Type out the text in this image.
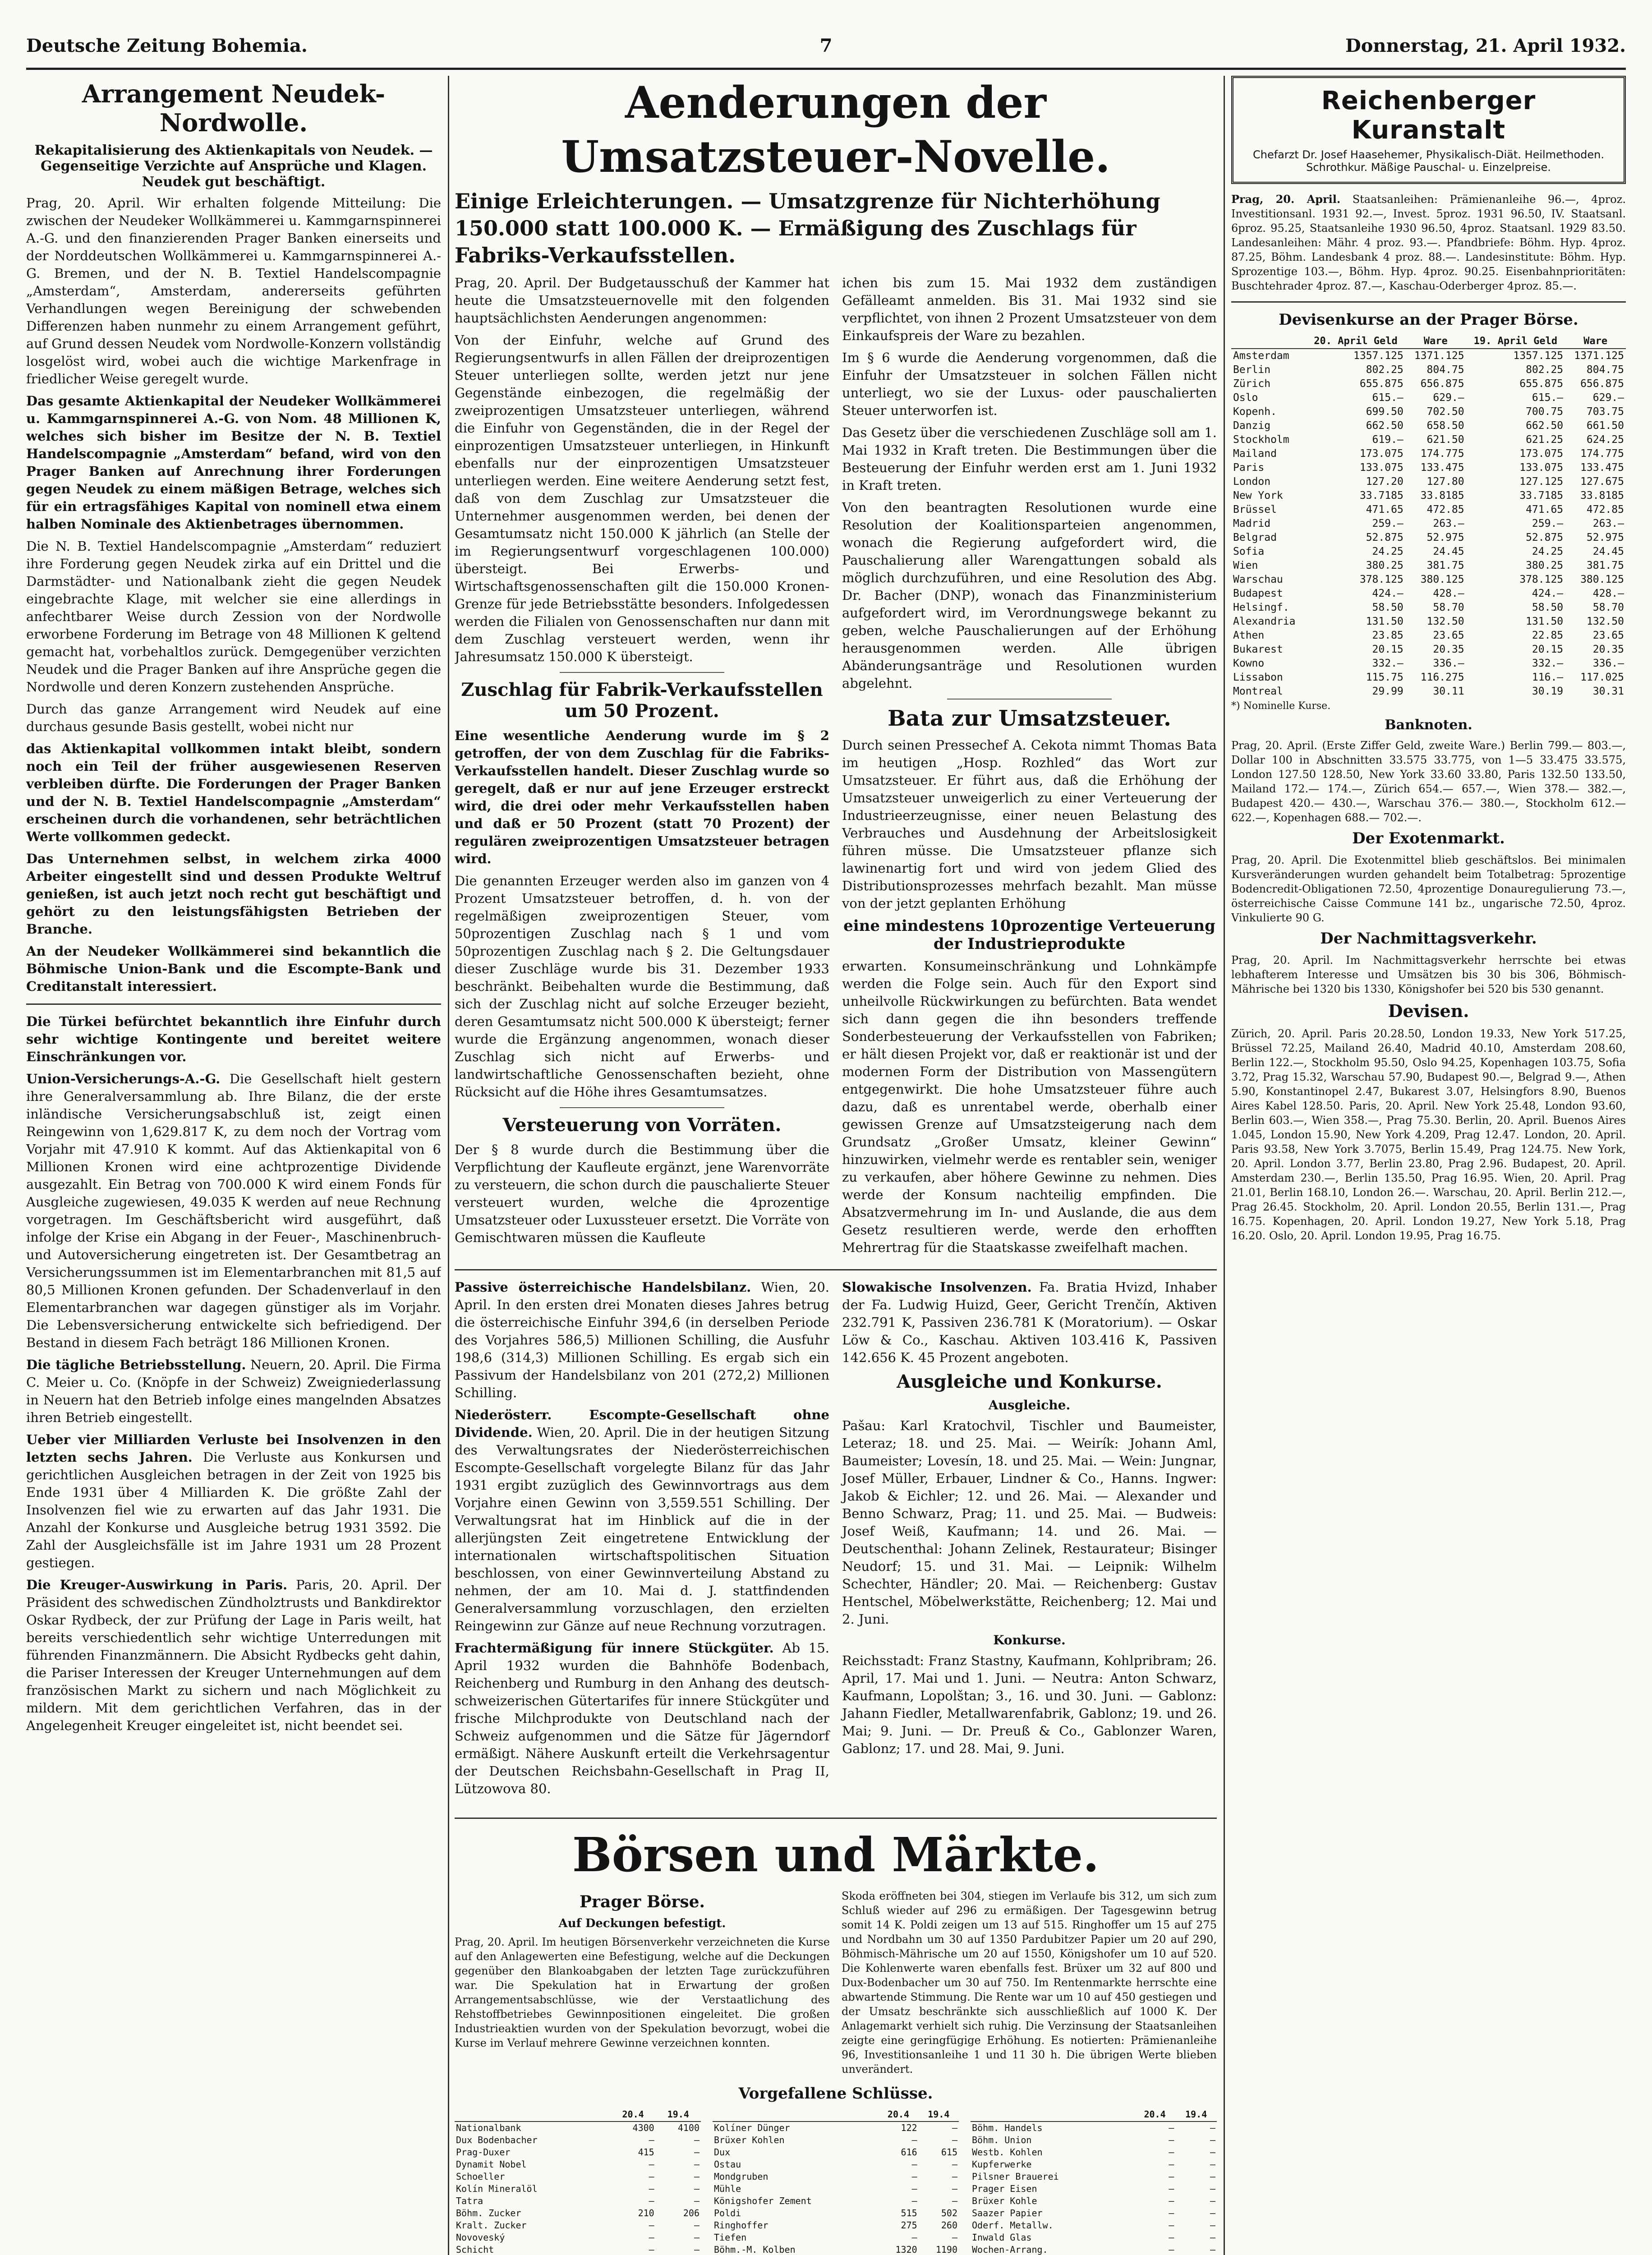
Deutsche Zeitung Bohemia.	7	Donnerstag, 21. April 1932.
Arrangement Neudek-Nordwolle.
Rekapitalisierung des Aktienkapitals von Neudek. — Gegenseitige Verzichte auf Ansprüche und Klagen. Neudek gut beschäftigt.

Prag, 20. April. Wir erhalten folgende Mitteilung: Die zwischen der Neudeker Wollkämmerei u. Kammgarnspinnerei A.-G. und den finanzierenden Prager Banken einerseits und der Norddeutschen Wollkämmerei u. Kammgarnspinnerei A.-G. Bremen, und der N. B. Textiel Handelscompagnie „Amsterdam“, Amsterdam, andererseits geführten Verhandlungen wegen Bereinigung der schwebenden Differenzen haben nunmehr zu einem Arrangement geführt, auf Grund dessen Neudek vom Nordwolle-Konzern vollständig losgelöst wird, wobei auch die wichtige Markenfrage in friedlicher Weise geregelt wurde.

Das gesamte Aktienkapital der Neudeker Wollkämmerei u. Kammgarnspinnerei A.-G. von Nom. 48 Millionen K, welches sich bisher im Besitze der N. B. Textiel Handelscompagnie „Amsterdam“ befand, wird von den Prager Banken auf Anrechnung ihrer Forderungen gegen Neudek zu einem mäßigen Betrage, welches sich für ein ertragsfähiges Kapital von nominell etwa einem halben Nominale des Aktienbetrages übernommen.

Die N. B. Textiel Handelscompagnie „Amsterdam“ reduziert ihre Forderung gegen Neudek zirka auf ein Drittel und die Darmstädter- und Nationalbank zieht die gegen Neudek eingebrachte Klage, mit welcher sie eine allerdings in anfechtbarer Weise durch Zession von der Nordwolle erworbene Forderung im Betrage von 48 Millionen K geltend gemacht hat, vorbehaltlos zurück. Demgegenüber verzichten Neudek und die Prager Banken auf ihre Ansprüche gegen die Nordwolle und deren Konzern zustehenden Ansprüche.

Durch das ganze Arrangement wird Neudek auf eine durchaus gesunde Basis gestellt, wobei nicht nur

das Aktienkapital vollkommen intakt bleibt, sondern noch ein Teil der früher ausgewiesenen Reserven verbleiben dürfte. Die Forderungen der Prager Banken und der N. B. Textiel Handelscompagnie „Amsterdam“ erscheinen durch die vorhandenen, sehr beträchtlichen Werte vollkommen gedeckt.

Das Unternehmen selbst, in welchem zirka 4000 Arbeiter eingestellt sind und dessen Produkte Weltruf genießen, ist auch jetzt noch recht gut beschäftigt und gehört zu den leistungsfähigsten Betrieben der Branche.

An der Neudeker Wollkämmerei sind bekanntlich die Böhmische Union-Bank und die Escompte-Bank und Creditanstalt interessiert.

Die Türkei befürchtet bekanntlich ihre Einfuhr durch sehr wichtige Kontingente und bereitet weitere Einschränkungen vor.

Union-Versicherungs-A.-G. Die Gesellschaft hielt gestern ihre Generalversammlung ab. Ihre Bilanz, die der erste inländische Versicherungsabschluß ist, zeigt einen Reingewinn von 1,629.817 K, zu dem noch der Vortrag vom Vorjahr mit 47.910 K kommt. Auf das Aktienkapital von 6 Millionen Kronen wird eine achtprozentige Dividende ausgezahlt. Ein Betrag von 700.000 K wird einem Fonds für Ausgleiche zugewiesen, 49.035 K werden auf neue Rechnung vorgetragen. Im Geschäftsbericht wird ausgeführt, daß infolge der Krise ein Abgang in der Feuer-, Maschinenbruch- und Autoversicherung eingetreten ist. Der Gesamtbetrag an Versicherungssummen ist im Elementarbranchen mit 81,5 auf 80,5 Millionen Kronen gefunden. Der Schadenverlauf in den Elementarbranchen war dagegen günstiger als im Vorjahr. Die Lebensversicherung entwickelte sich befriedigend. Der Bestand in diesem Fach beträgt 186 Millionen Kronen.

Die tägliche Betriebsstellung. Neuern, 20. April. Die Firma C. Meier u. Co. (Knöpfe in der Schweiz) Zweigniederlassung in Neuern hat den Betrieb infolge eines mangelnden Absatzes ihren Betrieb eingestellt.

Ueber vier Milliarden Verluste bei Insolvenzen in den letzten sechs Jahren. Die Verluste aus Konkursen und gerichtlichen Ausgleichen betragen in der Zeit von 1925 bis Ende 1931 über 4 Milliarden K. Die größte Zahl der Insolvenzen fiel wie zu erwarten auf das Jahr 1931. Die Anzahl der Konkurse und Ausgleiche betrug 1931 3592. Die Zahl der Ausgleichsfälle ist im Jahre 1931 um 28 Prozent gestiegen.

Die Kreuger-Auswirkung in Paris. Paris, 20. April. Der Präsident des schwedischen Zündholztrusts und Bankdirektor Oskar Rydbeck, der zur Prüfung der Lage in Paris weilt, hat bereits verschiedentlich sehr wichtige Unterredungen mit führenden Finanzmännern. Die Absicht Rydbecks geht dahin, die Pariser Interessen der Kreuger Unternehmungen auf dem französischen Markt zu sichern und nach Möglichkeit zu mildern. Mit dem gerichtlichen Verfahren, das in der Angelegenheit Kreuger eingeleitet ist, nicht beendet sei.

Aenderungen der Umsatzsteuer-Novelle.
Einige Erleichterungen. — Umsatzgrenze für Nichterhöhung 150.000 statt 100.000 K. — Ermäßigung des Zuschlags für Fabriks-Verkaufsstellen.

Prag, 20. April. Der Budgetausschuß der Kammer hat heute die Umsatzsteuernovelle mit den folgenden hauptsächlichsten Aenderungen angenommen:

Von der Einfuhr, welche auf Grund des Regierungsentwurfs in allen Fällen der dreiprozentigen Steuer unterliegen sollte, werden jetzt nur jene Gegenstände einbezogen, die regelmäßig der zweiprozentigen Umsatzsteuer unterliegen, während die Einfuhr von Gegenständen, die in der Regel der einprozentigen Umsatzsteuer unterliegen, in Hinkunft ebenfalls nur der einprozentigen Umsatzsteuer unterliegen werden. Eine weitere Aenderung setzt fest, daß von dem Zuschlag zur Umsatzsteuer die Unternehmer ausgenommen werden, bei denen der Gesamtumsatz nicht 150.000 K jährlich (an Stelle der im Regierungsentwurf vorgeschlagenen 100.000) übersteigt. Bei Erwerbs- und Wirtschaftsgenossenschaften gilt die 150.000 Kronen-Grenze für jede Betriebsstätte besonders. Infolgedessen werden die Filialen von Genossenschaften nur dann mit dem Zuschlag versteuert werden, wenn ihr Jahresumsatz 150.000 K übersteigt.

Zuschlag für Fabrik-Verkaufsstellen um 50 Prozent.

Eine wesentliche Aenderung wurde im § 2 getroffen, der von dem Zuschlag für die Fabriks-Verkaufsstellen handelt. Dieser Zuschlag wurde so geregelt, daß er nur auf jene Erzeuger erstreckt wird, die drei oder mehr Verkaufsstellen haben und daß er 50 Prozent (statt 70 Prozent) der regulären zweiprozentigen Umsatzsteuer betragen wird.

Die genannten Erzeuger werden also im ganzen von 4 Prozent Umsatzsteuer betroffen, d. h. von der regelmäßigen zweiprozentigen Steuer, vom 50prozentigen Zuschlag nach § 1 und vom 50prozentigen Zuschlag nach § 2. Die Geltungsdauer dieser Zuschläge wurde bis 31. Dezember 1933 beschränkt. Beibehalten wurde die Bestimmung, daß sich der Zuschlag nicht auf solche Erzeuger bezieht, deren Gesamtumsatz nicht 500.000 K übersteigt; ferner wurde die Ergänzung angenommen, wonach dieser Zuschlag sich nicht auf Erwerbs- und landwirtschaftliche Genossenschaften bezieht, ohne Rücksicht auf die Höhe ihres Gesamtumsatzes.

Versteuerung von Vorräten.

Der § 8 wurde durch die Bestimmung über die Verpflichtung der Kaufleute ergänzt, jene Warenvorräte zu versteuern, die schon durch die pauschalierte Steuer versteuert wurden, welche die 4prozentige Umsatzsteuer oder Luxussteuer ersetzt. Die Vorräte von Gemischtwaren müssen die Kaufleute

ichen bis zum 15. Mai 1932 dem zuständigen Gefälleamt anmelden. Bis 31. Mai 1932 sind sie verpflichtet, von ihnen 2 Prozent Umsatzsteuer von dem Einkaufspreis der Ware zu bezahlen.

Im § 6 wurde die Aenderung vorgenommen, daß die Einfuhr der Umsatzsteuer in solchen Fällen nicht unterliegt, wo sie der Luxus- oder pauschalierten Steuer unterworfen ist.

Das Gesetz über die verschiedenen Zuschläge soll am 1. Mai 1932 in Kraft treten. Die Bestimmungen über die Besteuerung der Einfuhr werden erst am 1. Juni 1932 in Kraft treten.

Von den beantragten Resolutionen wurde eine Resolution der Koalitionsparteien angenommen, wonach die Regierung aufgefordert wird, die Pauschalierung aller Warengattungen sobald als möglich durchzuführen, und eine Resolution des Abg. Dr. Bacher (DNP), wonach das Finanzministerium aufgefordert wird, im Verordnungswege bekannt zu geben, welche Pauschalierungen auf der Erhöhung herausgenommen werden. Alle übrigen Abänderungsanträge und Resolutionen wurden abgelehnt.

Bata zur Umsatzsteuer.

Durch seinen Pressechef A. Cekota nimmt Thomas Bata im heutigen „Hosp. Rozhled“ das Wort zur Umsatzsteuer. Er führt aus, daß die Erhöhung der Umsatzsteuer unweigerlich zu einer Verteuerung der Industrieerzeugnisse, einer neuen Belastung des Verbrauches und Ausdehnung der Arbeitslosigkeit führen müsse. Die Umsatzsteuer pflanze sich lawinenartig fort und wird von jedem Glied des Distributionsprozesses mehrfach bezahlt. Man müsse von der jetzt geplanten Erhöhung

eine mindestens 10prozentige Verteuerung der Industrieprodukte

erwarten. Konsumeinschränkung und Lohnkämpfe werden die Folge sein. Auch für den Export sind unheilvolle Rückwirkungen zu befürchten. Bata wendet sich dann gegen die ihn besonders treffende Sonderbesteuerung der Verkaufsstellen von Fabriken; er hält diesen Projekt vor, daß er reaktionär ist und der modernen Form der Distribution von Massengütern entgegenwirkt. Die hohe Umsatzsteuer führe auch dazu, daß es unrentabel werde, oberhalb einer gewissen Grenze auf Umsatzsteigerung nach dem Grundsatz „Großer Umsatz, kleiner Gewinn“ hinzuwirken, vielmehr werde es rentabler sein, weniger zu verkaufen, aber höhere Gewinne zu nehmen. Dies werde der Konsum nachteilig empfinden. Die Absatzvermehrung im In- und Auslande, die aus dem Gesetz resultieren werde, werde den erhofften Mehrertrag für die Staatskasse zweifelhaft machen.

Passive österreichische Handelsbilanz. Wien, 20. April. In den ersten drei Monaten dieses Jahres betrug die österreichische Einfuhr 394,6 (in derselben Periode des Vorjahres 586,5) Millionen Schilling, die Ausfuhr 198,6 (314,3) Millionen Schilling. Es ergab sich ein Passivum der Handelsbilanz von 201 (272,2) Millionen Schilling.

Niederösterr. Escompte-Gesellschaft ohne Dividende. Wien, 20. April. Die in der heutigen Sitzung des Verwaltungsrates der Niederösterreichischen Escompte-Gesellschaft vorgelegte Bilanz für das Jahr 1931 ergibt zuzüglich des Gewinnvortrags aus dem Vorjahre einen Gewinn von 3,559.551 Schilling. Der Verwaltungsrat hat im Hinblick auf die in der allerjüngsten Zeit eingetretene Entwicklung der internationalen wirtschaftspolitischen Situation beschlossen, von einer Gewinnverteilung Abstand zu nehmen, der am 10. Mai d. J. stattfindenden Generalversammlung vorzuschlagen, den erzielten Reingewinn zur Gänze auf neue Rechnung vorzutragen.

Frachtermäßigung für innere Stückgüter. Ab 15. April 1932 wurden die Bahnhöfe Bodenbach, Reichenberg und Rumburg in den Anhang des deutsch-schweizerischen Gütertarifes für innere Stückgüter und frische Milchprodukte von Deutschland nach der Schweiz aufgenommen und die Sätze für Jägerndorf ermäßigt. Nähere Auskunft erteilt die Verkehrsagentur der Deutschen Reichsbahn-Gesellschaft in Prag II, Lützowova 80.

Slowakische Insolvenzen. Fa. Bratia Hvizd, Inhaber der Fa. Ludwig Huizd, Geer, Gericht Trenčín, Aktiven 232.791 K, Passiven 236.781 K (Moratorium). — Oskar Löw & Co., Kaschau. Aktiven 103.416 K, Passiven 142.656 K. 45 Prozent angeboten.

Ausgleiche und Konkurse.
Ausgleiche.

Pašau: Karl Kratochvil, Tischler und Baumeister, Leteraz; 18. und 25. Mai. — Weirík: Johann Aml, Baumeister; Lovesín, 18. und 25. Mai. — Wein: Jungnar, Josef Müller, Erbauer, Lindner & Co., Hanns. Ingwer: Jakob & Eichler; 12. und 26. Mai. — Alexander und Benno Schwarz, Prag; 11. und 25. Mai. — Budweis: Josef Weiß, Kaufmann; 14. und 26. Mai. — Deutschenthal: Johann Zelinek, Restaurateur; Bisinger Neudorf; 15. und 31. Mai. — Leipnik: Wilhelm Schechter, Händler; 20. Mai. — Reichenberg: Gustav Hentschel, Möbelwerkstätte, Reichenberg; 12. Mai und 2. Juni.

Konkurse.

Reichsstadt: Franz Stastny, Kaufmann, Kohlpribram; 26. April, 17. Mai und 1. Juni. — Neutra: Anton Schwarz, Kaufmann, Lopolštan; 3., 16. und 30. Juni. — Gablonz: Jahann Fiedler, Metallwarenfabrik, Gablonz; 19. und 26. Mai; 9. Juni. — Dr. Preuß & Co., Gablonzer Waren, Gablonz; 17. und 28. Mai, 9. Juni.

Börsen und Märkte.
Prager Börse.
Auf Deckungen befestigt.

Prag, 20. April. Im heutigen Börsenverkehr verzeichneten die Kurse auf den Anlagewerten eine Befestigung, welche auf die Deckungen gegenüber den Blankoabgaben der letzten Tage zurückzuführen war. Die Spekulation hat in Erwartung der großen Arrangementsabschlüsse, wie der Verstaatlichung des Rehstoffbetriebes Gewinnpositionen eingeleitet. Die großen Industrieaktien wurden von der Spekulation bevorzugt, wobei die Kurse im Verlauf mehrere Gewinne verzeichnen konnten.

Skoda eröffneten bei 304, stiegen im Verlaufe bis 312, um sich zum Schluß wieder auf 296 zu ermäßigen. Der Tagesgewinn betrug somit 14 K. Poldi zeigen um 13 auf 515. Ringhoffer um 15 auf 275 und Nordbahn um 30 auf 1350 Pardubitzer Papier um 20 auf 290, Böhmisch-Mährische um 20 auf 1550, Königshofer um 10 auf 520. Die Kohlenwerte waren ebenfalls fest. Brüxer um 32 auf 800 und Dux-Bodenbacher um 30 auf 750. Im Rentenmarkte herrschte eine abwartende Stimmung. Die Rente war um 10 auf 450 gestiegen und der Umsatz beschränkte sich ausschließlich auf 1000 K. Der Anlagemarkt verhielt sich ruhig. Die Verzinsung der Staatsanleihen zeigte eine geringfügige Erhöhung. Es notierten: Prämienanleihe 96, Investitionsanleihe 1 und 11 30 h. Die übrigen Werte blieben unverändert.

Vorgefallene Schlüsse.
	20.4	19.4
Nationalbank	4300	4100
Dux Bodenbacher	—	—
Prag-Duxer	415	—
Dynamit Nobel	—	—
Schoeller	—	—
Kolín Mineralöl	—	—
Tatra	—	—
Böhm. Zucker	210	206
Kralt. Zucker	—	—
Novoveský	—	—
Schicht	—	—

	20.4	19.4
Kolíner Dünger	122	—
Brüxer Kohlen	—	—
Dux	616	615
Ostau	—	—
Mondgruben	—	—
Mühle	—	—
Königshofer Zement	—	—
Poldi	515	502
Ringhoffer	275	260
Tiefen	—	—
Böhm.-M. Kolben	1320	1190

	20.4	19.4
Böhm. Handels	—	—
Böhm. Union	—	—
Westb. Kohlen	—	—
Kupferwerke	—	—
Pilsner Brauerei	—	—
Prager Eisen	—	—
Brüxer Kohle	—	—
Saazer Papier	—	—
Oderf. Metallw.	—	—
Inwald Glas	—	—
Wochen-Arrang.	—	—

Reichenberger Kuranstalt
Chefarzt Dr. Josef Haasehemer, Physikalisch-Diät. Heilmethoden. Schrothkur. Mäßige Pauschal- u. Einzelpreise.

Prag, 20. April. Staatsanleihen: Prämienanleihe 96.—, 4proz. Investitionsanl. 1931 92.—, Invest. 5proz. 1931 96.50, IV. Staatsanl. 6proz. 95.25, Staatsanleihe 1930 96.50, 4proz. Staatsanl. 1929 83.50. Landesanleihen: Mähr. 4 proz. 93.—. Pfandbriefe: Böhm. Hyp. 4proz. 87.25, Böhm. Landesbank 4 proz. 88.—. Landesinstitute: Böhm. Hyp. Sprozentige 103.—, Böhm. Hyp. 4proz. 90.25. Eisenbahnprioritäten: Buschtehrader 4proz. 87.—, Kaschau-Oderberger 4proz. 85.—.

Devisenkurse an der Prager Börse.
	20. April Geld	Ware	19. April Geld	Ware
Amsterdam	1357.125	1371.125	1357.125	1371.125
Berlin	802.25	804.75	802.25	804.75
Zürich	655.875	656.875	655.875	656.875
Oslo	615.—	629.—	615.—	629.—
Kopenh.	699.50	702.50	700.75	703.75
Danzig	662.50	658.50	662.50	661.50
Stockholm	619.—	621.50	621.25	624.25
Mailand	173.075	174.775	173.075	174.775
Paris	133.075	133.475	133.075	133.475
London	127.20	127.80	127.125	127.675
New York	33.7185	33.8185	33.7185	33.8185
Brüssel	471.65	472.85	471.65	472.85
Madrid	259.—	263.—	259.—	263.—
Belgrad	52.875	52.975	52.875	52.975
Sofia	24.25	24.45	24.25	24.45
Wien	380.25	381.75	380.25	381.75
Warschau	378.125	380.125	378.125	380.125
Budapest	424.—	428.—	424.—	428.—
Helsingf.	58.50	58.70	58.50	58.70
Alexandria	131.50	132.50	131.50	132.50
Athen	23.85	23.65	22.85	23.65
Bukarest	20.15	20.35	20.15	20.35
Kowno	332.—	336.—	332.—	336.—
Lissabon	115.75	116.275	116.—	117.025
Montreal	29.99	30.11	30.19	30.31
*) Nominelle Kurse.
Banknoten.

Prag, 20. April. (Erste Ziffer Geld, zweite Ware.) Berlin 799.— 803.—, Dollar 100 in Abschnitten 33.575 33.775, von 1—5 33.475 33.575, London 127.50 128.50, New York 33.60 33.80, Paris 132.50 133.50, Mailand 172.— 174.—, Zürich 654.— 657.—, Wien 378.— 382.—, Budapest 420.— 430.—, Warschau 376.— 380.—, Stockholm 612.— 622.—, Kopenhagen 688.— 702.—.

Der Exotenmarkt.

Prag, 20. April. Die Exotenmittel blieb geschäftslos. Bei minimalen Kursveränderungen wurden gehandelt beim Totalbetrag: 5prozentige Bodencredit-Obligationen 72.50, 4prozentige Donauregulierung 73.—, österreichische Caisse Commune 141 bz., ungarische 72.50, 4proz. Vinkulierte 90 G.

Der Nachmittagsverkehr.

Prag, 20. April. Im Nachmittagsverkehr herrschte bei etwas lebhafterem Interesse und Umsätzen bis 30 bis 306, Böhmisch-Mährische bei 1320 bis 1330, Königshofer bei 520 bis 530 genannt.

Devisen.

Zürich, 20. April. Paris 20.28.50, London 19.33, New York 517.25, Brüssel 72.25, Mailand 26.40, Madrid 40.10, Amsterdam 208.60, Berlin 122.—, Stockholm 95.50, Oslo 94.25, Kopenhagen 103.75, Sofia 3.72, Prag 15.32, Warschau 57.90, Budapest 90.—, Belgrad 9.—, Athen 5.90, Konstantinopel 2.47, Bukarest 3.07, Helsingfors 8.90, Buenos Aires Kabel 128.50. Paris, 20. April. New York 25.48, London 93.60, Berlin 603.—, Wien 358.—, Prag 75.30. Berlin, 20. April. Buenos Aires 1.045, London 15.90, New York 4.209, Prag 12.47. London, 20. April. Paris 93.58, New York 3.7075, Berlin 15.49, Prag 124.75. New York, 20. April. London 3.77, Berlin 23.80, Prag 2.96. Budapest, 20. April. Amsterdam 230.—, Berlin 135.50, Prag 16.95. Wien, 20. April. Prag 21.01, Berlin 168.10, London 26.—. Warschau, 20. April. Berlin 212.—, Prag 26.45. Stockholm, 20. April. London 20.55, Berlin 131.—, Prag 16.75. Kopenhagen, 20. April. London 19.27, New York 5.18, Prag 16.20. Oslo, 20. April. London 19.95, Prag 16.75.
